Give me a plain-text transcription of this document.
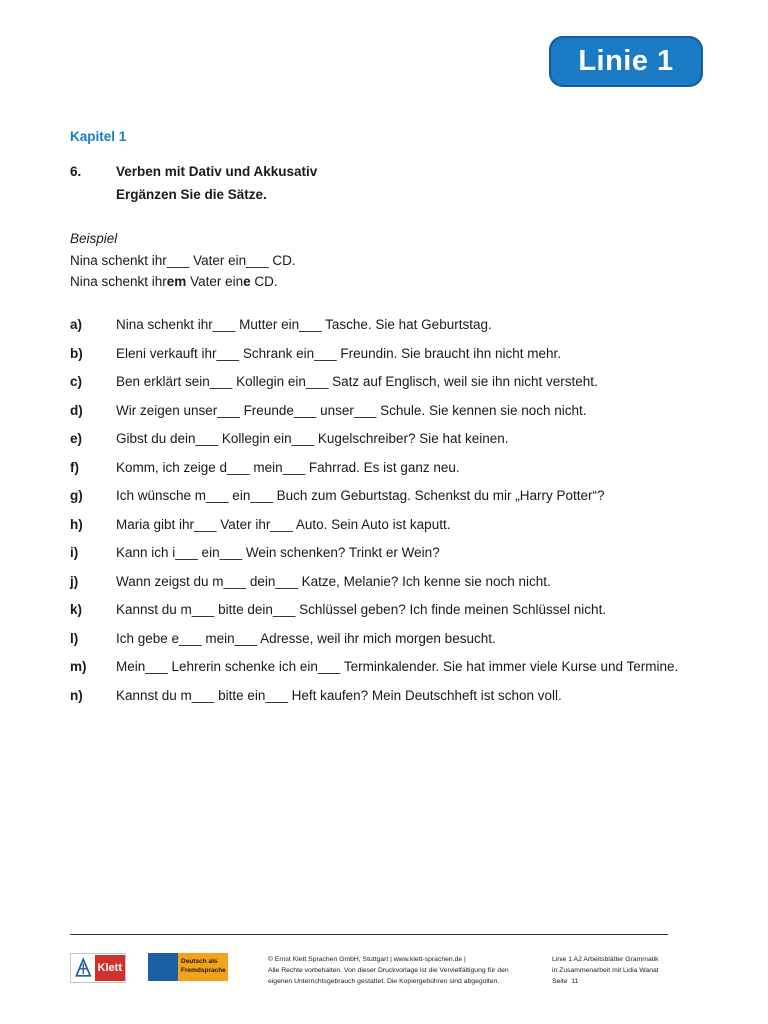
Linie 1
Kapitel 1
6.	Verben mit Dativ und Akkusativ
Ergänzen Sie die Sätze.
Beispiel
Nina schenkt ihr___ Vater ein___ CD.
Nina schenkt ihrem Vater eine CD.
a)	Nina schenkt ihr___ Mutter ein___ Tasche. Sie hat Geburtstag.
b) Eleni verkauft ihr___ Schrank ein___ Freundin. Sie braucht ihn nicht mehr.
c)	Ben erklärt sein___ Kollegin ein___ Satz auf Englisch, weil sie ihn nicht versteht.
d) Wir zeigen unser___ Freunde___ unser___ Schule. Sie kennen sie noch nicht.
e)	Gibst du dein___ Kollegin ein___ Kugelschreiber? Sie hat keinen.
f)	Komm, ich zeige d___ mein___ Fahrrad. Es ist ganz neu.
g) Ich wünsche m___ ein___ Buch zum Geburtstag. Schenkst du mir „Harry Potter“?
h) Maria gibt ihr___ Vater ihr___ Auto. Sein Auto ist kaputt.
i)	Kann ich i___ ein___ Wein schenken? Trinkt er Wein?
j)	Wann zeigst du m___ dein___ Katze, Melanie? Ich kenne sie noch nicht.
k)	Kannst du m___ bitte dein___ Schlüssel geben? Ich finde meinen Schlüssel nicht.
l)	Ich gebe e___ mein___ Adresse, weil ihr mich morgen besucht.
m) Mein___ Lehrerin schenke ich ein___ Terminkalender. Sie hat immer viele Kurse und Termine.
n) Kannst du m___ bitte ein___ Heft kaufen? Mein Deutschheft ist schon voll.
Klett
Deutsch als
Fremdsprache
© Ernst Klett Sprachen GmbH, Stuttgart | www.klett-sprachen.de |
Alle Rechte vorbehalten. Von dieser Druckvorlage ist die Vervielfältigung für den
eigenen Unterrichtsgebrauch gestattet. Die Kopiergebühren sind abgegolten.
Linie 1 A2 Arbeitsblätter Grammatik
in Zusammenarbeit mit Lidia Wanat
Seite 11
